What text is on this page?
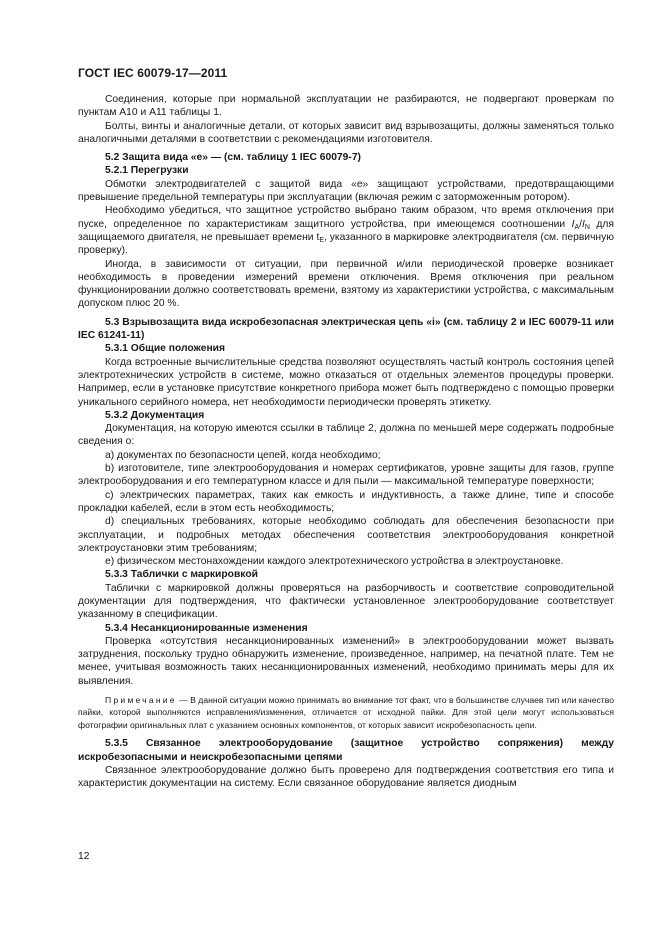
ГОСТ IEC 60079-17—2011

Соединения, которые при нормальной эксплуатации не разбираются, не подвергают проверкам по пунктам A10 и A11 таблицы 1.

Болты, винты и аналогичные детали, от которых зависит вид взрывозащиты, должны заменяться только аналогичными деталями в соответствии с рекомендациями изготовителя.

5.2 Защита вида «е» — (см. таблицу 1 IEC 60079-7)

5.2.1 Перегрузки

Обмотки электродвигателей с защитой вида «е» защищают устройствами, предотвращающими превышение предельной температуры при эксплуатации (включая режим с заторможенным ротором).

Необходимо убедиться, что защитное устройство выбрано таким образом, что время отключения при пуске, определенное по характеристикам защитного устройства, при имеющемся соотношении $I_A/I_N$ для защищаемого двигателя, не превышает времени $t_E$, указанного в маркировке электродвигателя (см. первичную проверку).

Иногда, в зависимости от ситуации, при первичной и/или периодической проверке возникает необходимость в проведении измерений времени отключения. Время отключения при реальном функционировании должно соответствовать времени, взятому из характеристики устройства, с максимальным допуском плюс 20 %.

5.3 Взрывозащита вида искробезопасная электрическая цепь «i» (см. таблицу 2 и IEC 60079-11 или IEC 61241-11)

5.3.1 Общие положения

Когда встроенные вычислительные средства позволяют осуществлять частый контроль состояния цепей электротехнических устройств в системе, можно отказаться от отдельных элементов процедуры проверки. Например, если в установке присутствие конкретного прибора может быть подтверждено с помощью проверки уникального серийного номера, нет необходимости периодически проверять этикетку.

5.3.2 Документация

Документация, на которую имеются ссылки в таблице 2, должна по меньшей мере содержать подробные сведения о:

a) документах по безопасности цепей, когда необходимо;

b) изготовителе, типе электрооборудования и номерах сертификатов, уровне защиты для газов, группе электрооборудования и его температурном классе и для пыли — максимальной температуре поверхности;

c) электрических параметрах, таких как емкость и индуктивность, а также длине, типе и способе прокладки кабелей, если в этом есть необходимость;

d) специальных требованиях, которые необходимо соблюдать для обеспечения безопасности при эксплуатации, и подробных методах обеспечения соответствия электрооборудования конкретной электроустановки этим требованиям;

e) физическом местонахождении каждого электротехнического устройства в электроустановке.

5.3.3 Таблички с маркировкой

Таблички с маркировкой должны проверяться на разборчивость и соответствие сопроводительной документации для подтверждения, что фактически установленное электрооборудование соответствует указанному в спецификации.

5.3.4 Несанкционированные изменения

Проверка «отсутствия несанкционированных изменений» в электрооборудовании может вызвать затруднения, поскольку трудно обнаружить изменение, произведенное, например, на печатной плате. Тем не менее, учитывая возможность таких несанкционированных изменений, необходимо принимать меры для их выявления.

Примечание — В данной ситуации можно принимать во внимание тот факт, что в большинстве случаев тип или качество пайки, которой выполняются исправления/изменения, отличается от исходной пайки. Для этой цели могут использоваться фотографии оригинальных плат с указанием основных компонентов, от которых зависит искробезопасность цепи.

5.3.5 Связанное электрооборудование (защитное устройство сопряжения) между искробезопасными и неискробезопасными цепями

Связанное электрооборудование должно быть проверено для подтверждения соответствия его типа и характеристик документации на систему. Если связанное оборудование является диодным

12
